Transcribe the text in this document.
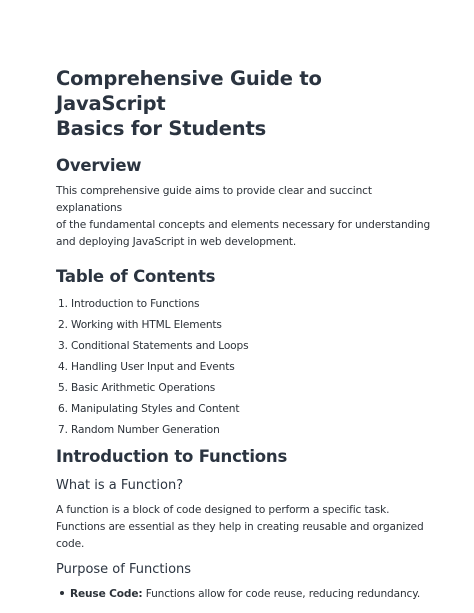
Comprehensive Guide to JavaScript
Basics for Students
Overview

This comprehensive guide aims to provide clear and succinct explanations
of the fundamental concepts and elements necessary for understanding
and deploying JavaScript in web development.

Table of Contents
1. Introduction to Functions
2. Working with HTML Elements
3. Conditional Statements and Loops
4. Handling User Input and Events
5. Basic Arithmetic Operations
6. Manipulating Styles and Content
7. Random Number Generation
Introduction to Functions
What is a Function?

A function is a block of code designed to perform a specific task.
Functions are essential as they help in creating reusable and organized
code.

Purpose of Functions
Reuse Code: Functions allow for code reuse, reducing redundancy.
